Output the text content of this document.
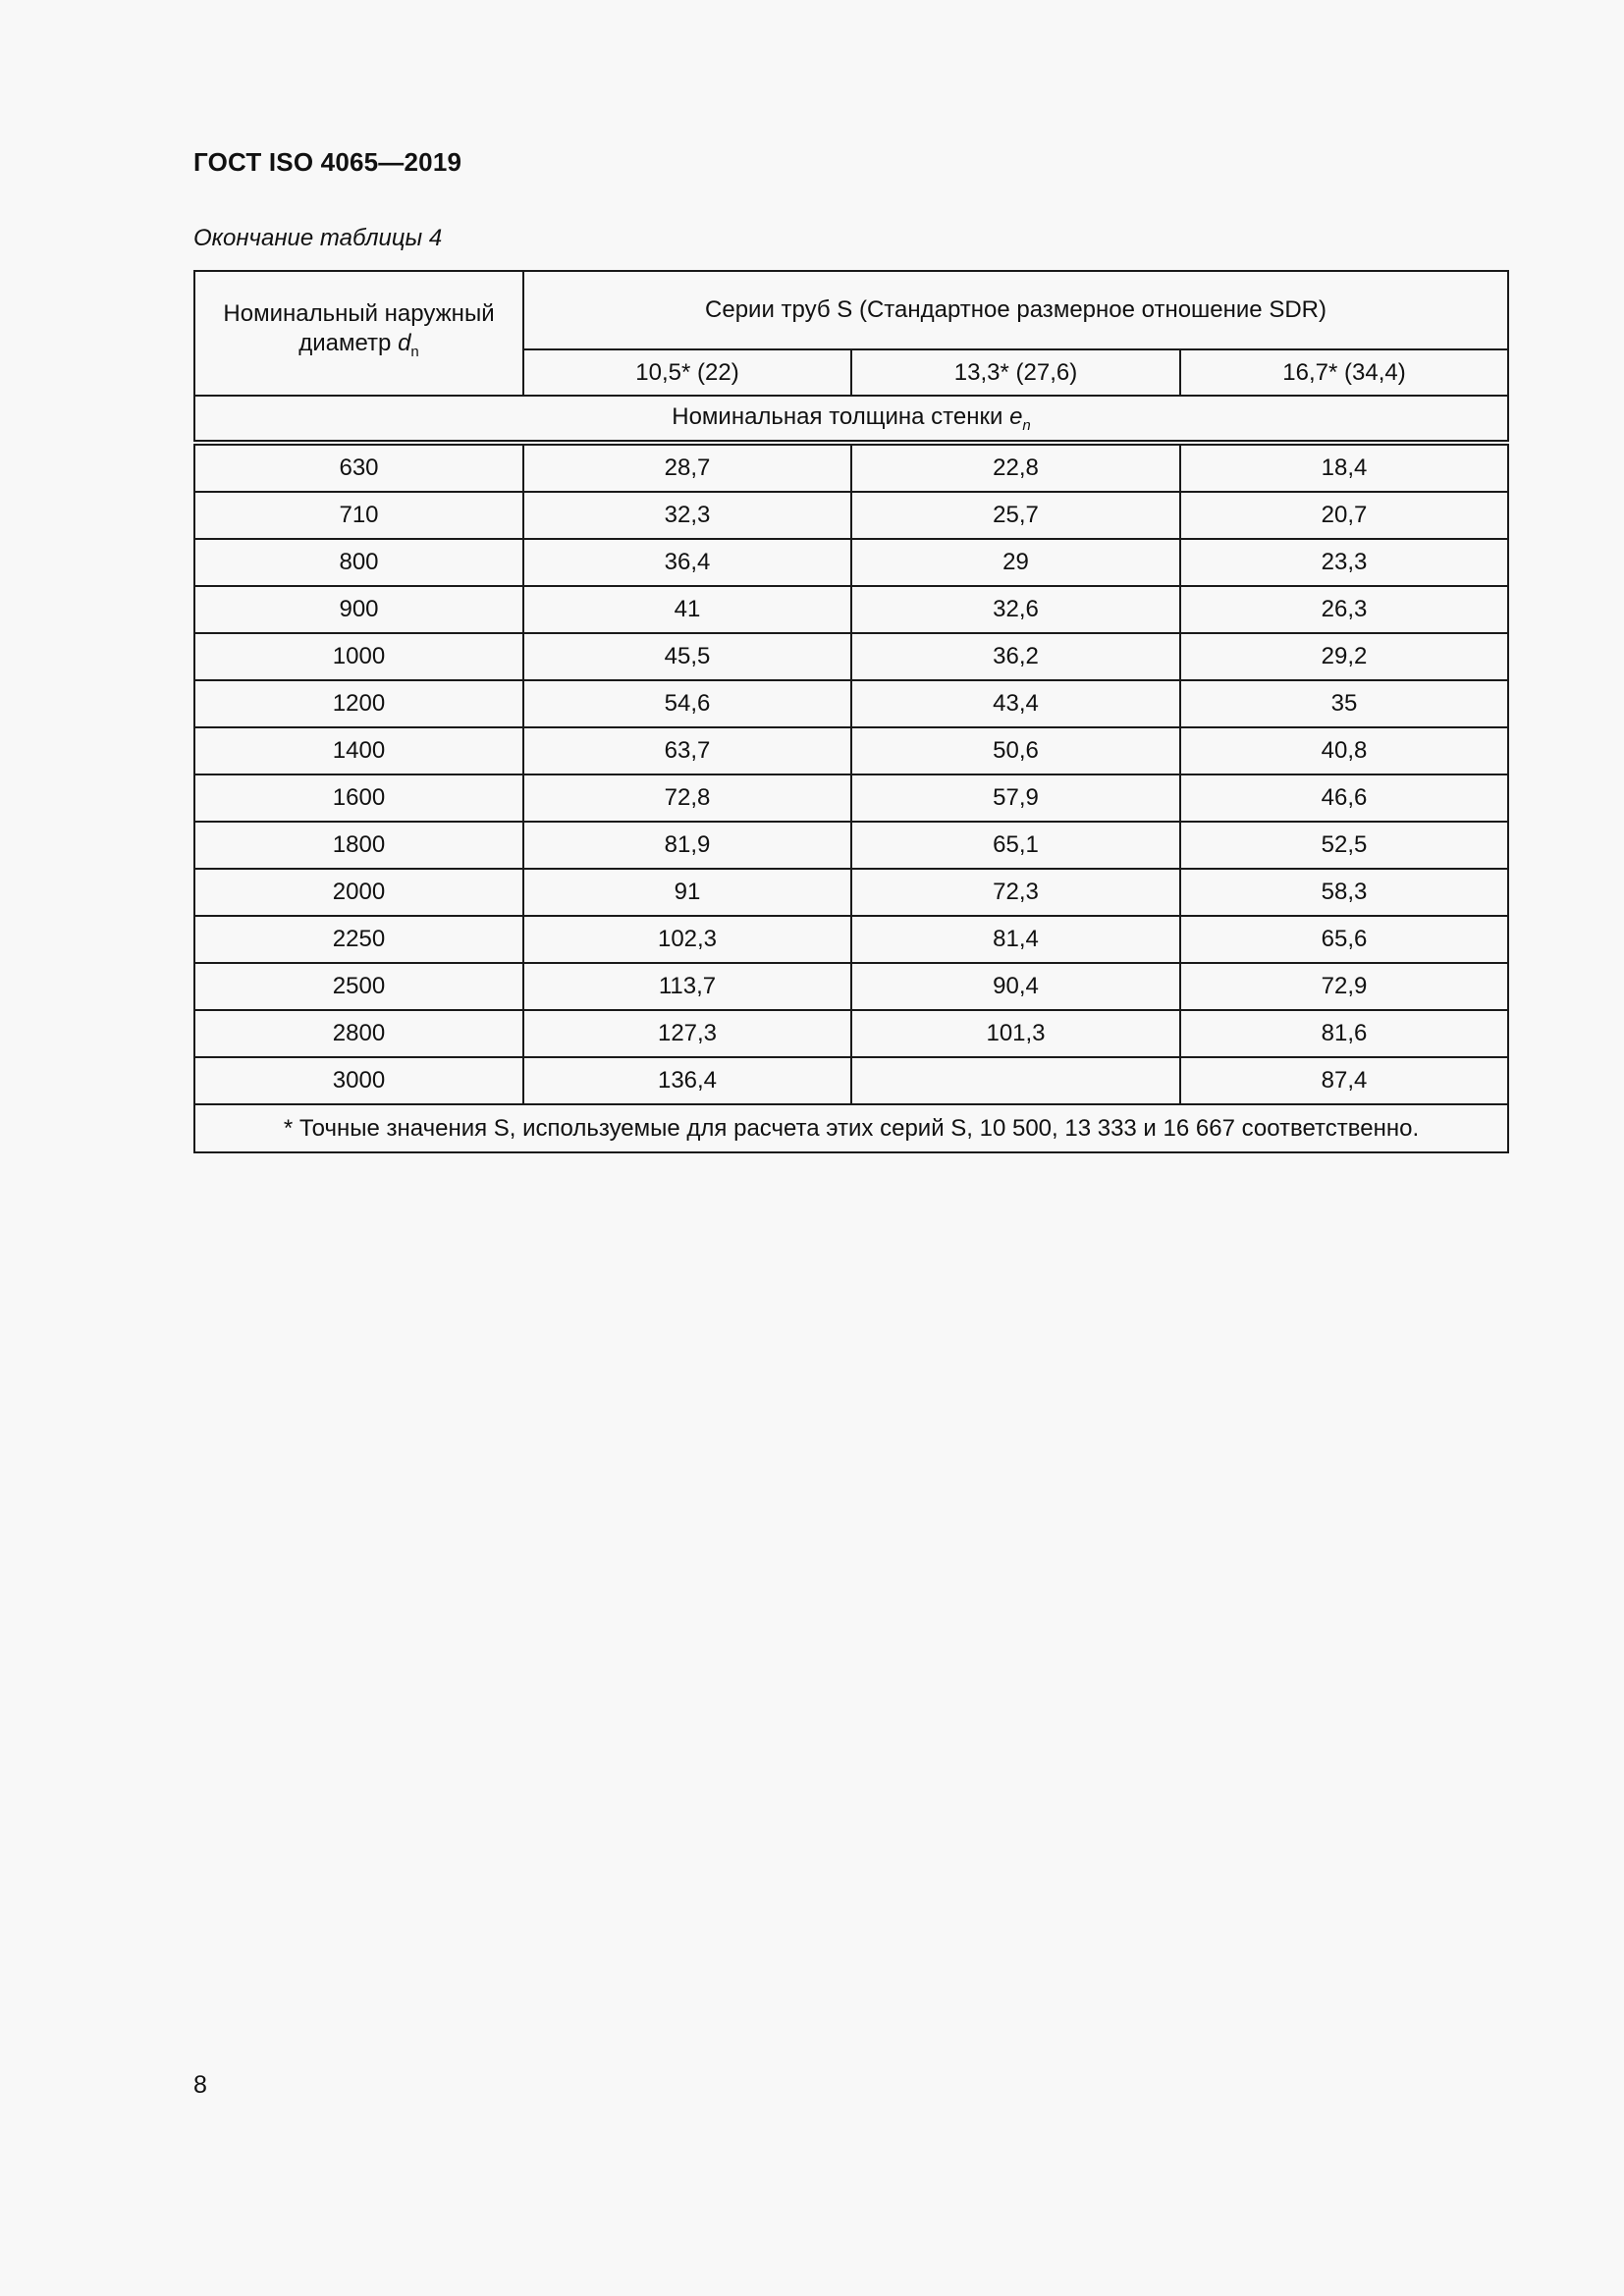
ГОСТ ISO 4065—2019
Окончание таблицы 4
Номинальный наружный
диаметр $d_n$	Серии труб S (Стандартное размерное отношение SDR)		
	10,5* (22)	13,3* (27,6)	16,7* (34,4)
Номинальная толщина стенки $e_n$
630	28,7	22,8	18,4
710	32,3	25,7	20,7
800	36,4	29	23,3
900	41	32,6	26,3
1000	45,5	36,2	29,2
1200	54,6	43,4	35
1400	63,7	50,6	40,8
1600	72,8	57,9	46,6
1800	81,9	65,1	52,5
2000	91	72,3	58,3
2250	102,3	81,4	65,6
2500	113,7	90,4	72,9
2800	127,3	101,3	81,6
3000	136,4		87,4
* Точные значения S, используемые для расчета этих серий S, 10 500, 13 333 и 16 667 соответственно.			
8
